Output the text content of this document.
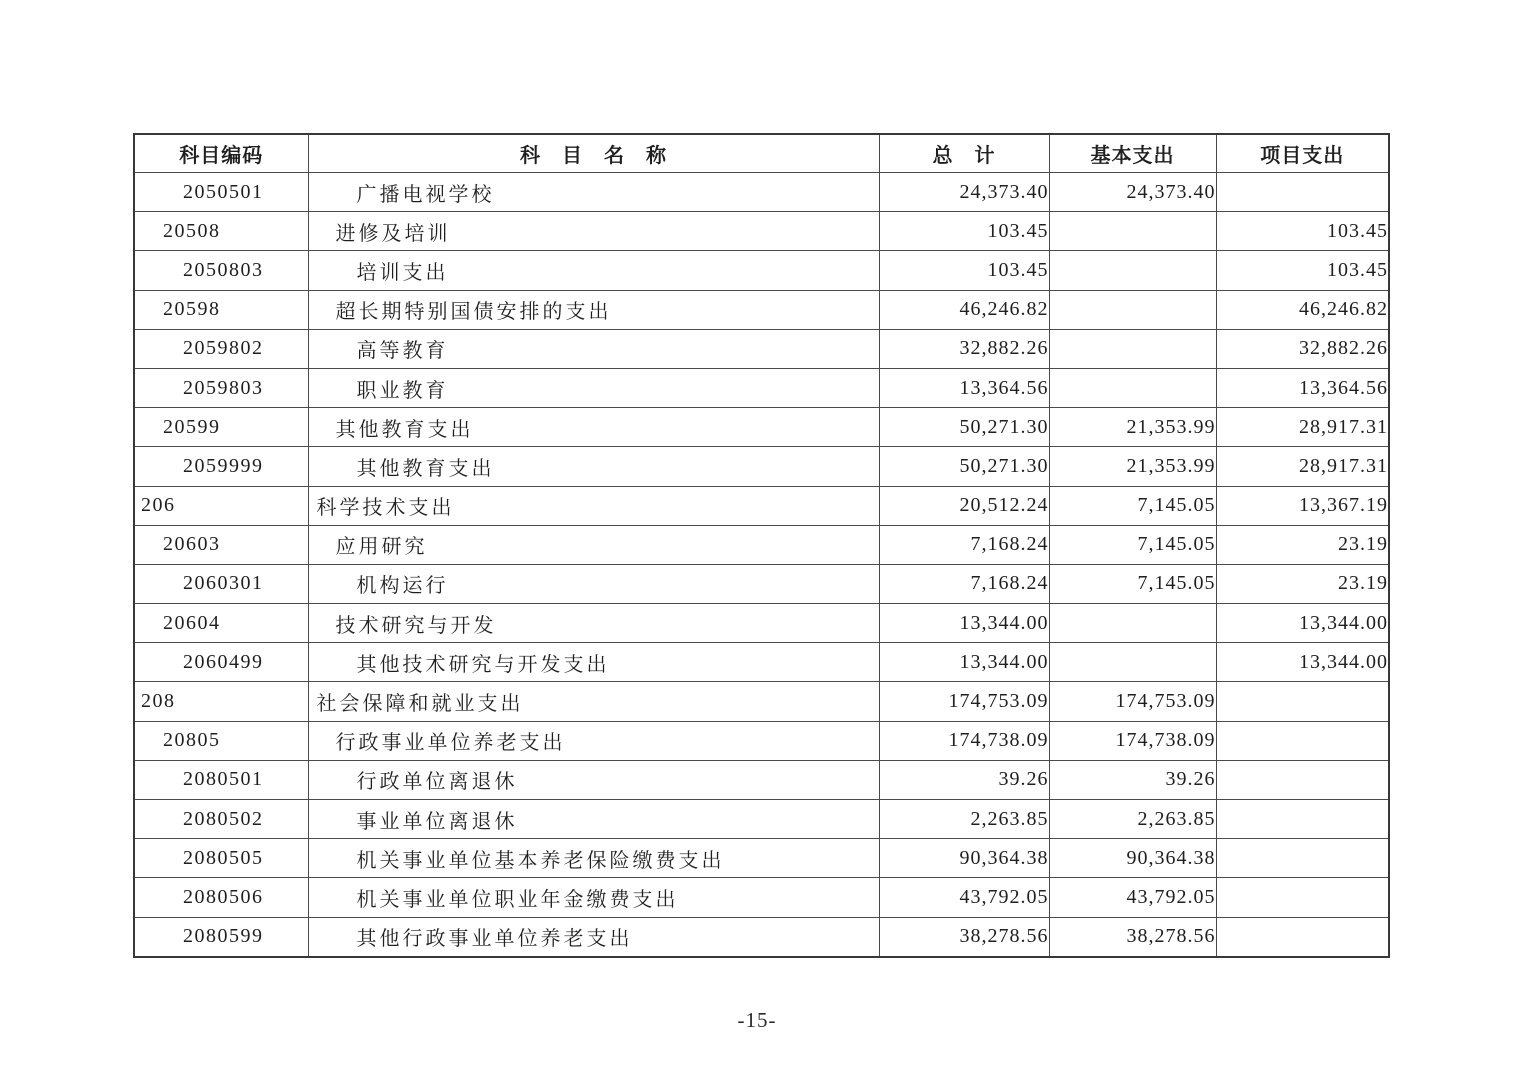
科目编码	科　目　名　称	总　计	基本支出	项目支出
2050501	广播电视学校	24,373.40	24,373.40	
20508	进修及培训	103.45		103.45
2050803	培训支出	103.45		103.45
20598	超长期特别国债安排的支出	46,246.82		46,246.82
2059802	高等教育	32,882.26		32,882.26
2059803	职业教育	13,364.56		13,364.56
20599	其他教育支出	50,271.30	21,353.99	28,917.31
2059999	其他教育支出	50,271.30	21,353.99	28,917.31
206	科学技术支出	20,512.24	7,145.05	13,367.19
20603	应用研究	7,168.24	7,145.05	23.19
2060301	机构运行	7,168.24	7,145.05	23.19
20604	技术研究与开发	13,344.00		13,344.00
2060499	其他技术研究与开发支出	13,344.00		13,344.00
208	社会保障和就业支出	174,753.09	174,753.09	
20805	行政事业单位养老支出	174,738.09	174,738.09	
2080501	行政单位离退休	39.26	39.26	
2080502	事业单位离退休	2,263.85	2,263.85	
2080505	机关事业单位基本养老保险缴费支出	90,364.38	90,364.38	
2080506	机关事业单位职业年金缴费支出	43,792.05	43,792.05	
2080599	其他行政事业单位养老支出	38,278.56	38,278.56	
-15-
